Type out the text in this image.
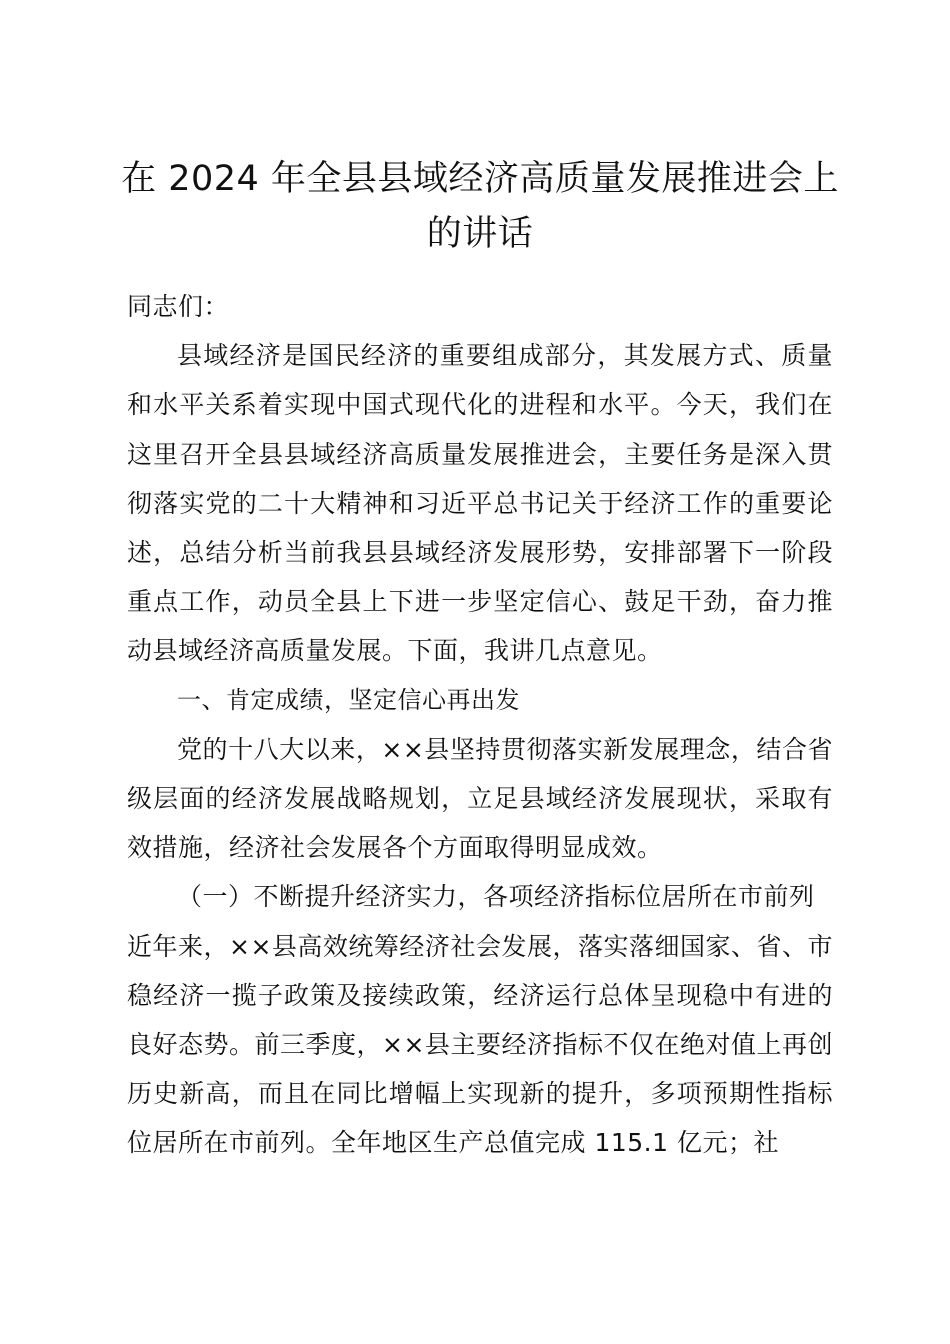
在 2024 年全县县域经济高质量发展推进会上的讲话

同志们：

县域经济是国民经济的重要组成部分，其发展方式、质量和水平关系着实现中国式现代化的进程和水平。今天，我们在这里召开全县县域经济高质量发展推进会，主要任务是深入贯彻落实党的二十大精神和习近平总书记关于经济工作的重要论述，总结分析当前我县县域经济发展形势，安排部署下一阶段重点工作，动员全县上下进一步坚定信心、鼓足干劲，奋力推动县域经济高质量发展。下面，我讲几点意见。

一、肯定成绩，坚定信心再出发

党的十八大以来，××县坚持贯彻落实新发展理念，结合省级层面的经济发展战略规划，立足县域经济发展现状，采取有效措施，经济社会发展各个方面取得明显成效。

（一）不断提升经济实力，各项经济指标位居所在市前列

近年来，××县高效统筹经济社会发展，落实落细国家、省、市稳经济一揽子政策及接续政策，经济运行总体呈现稳中有进的良好态势。前三季度，××县主要经济指标不仅在绝对值上再创历史新高，而且在同比增幅上实现新的提升，多项预期性指标位居所在市前列。全年地区生产总值完成 115.1 亿元；社
